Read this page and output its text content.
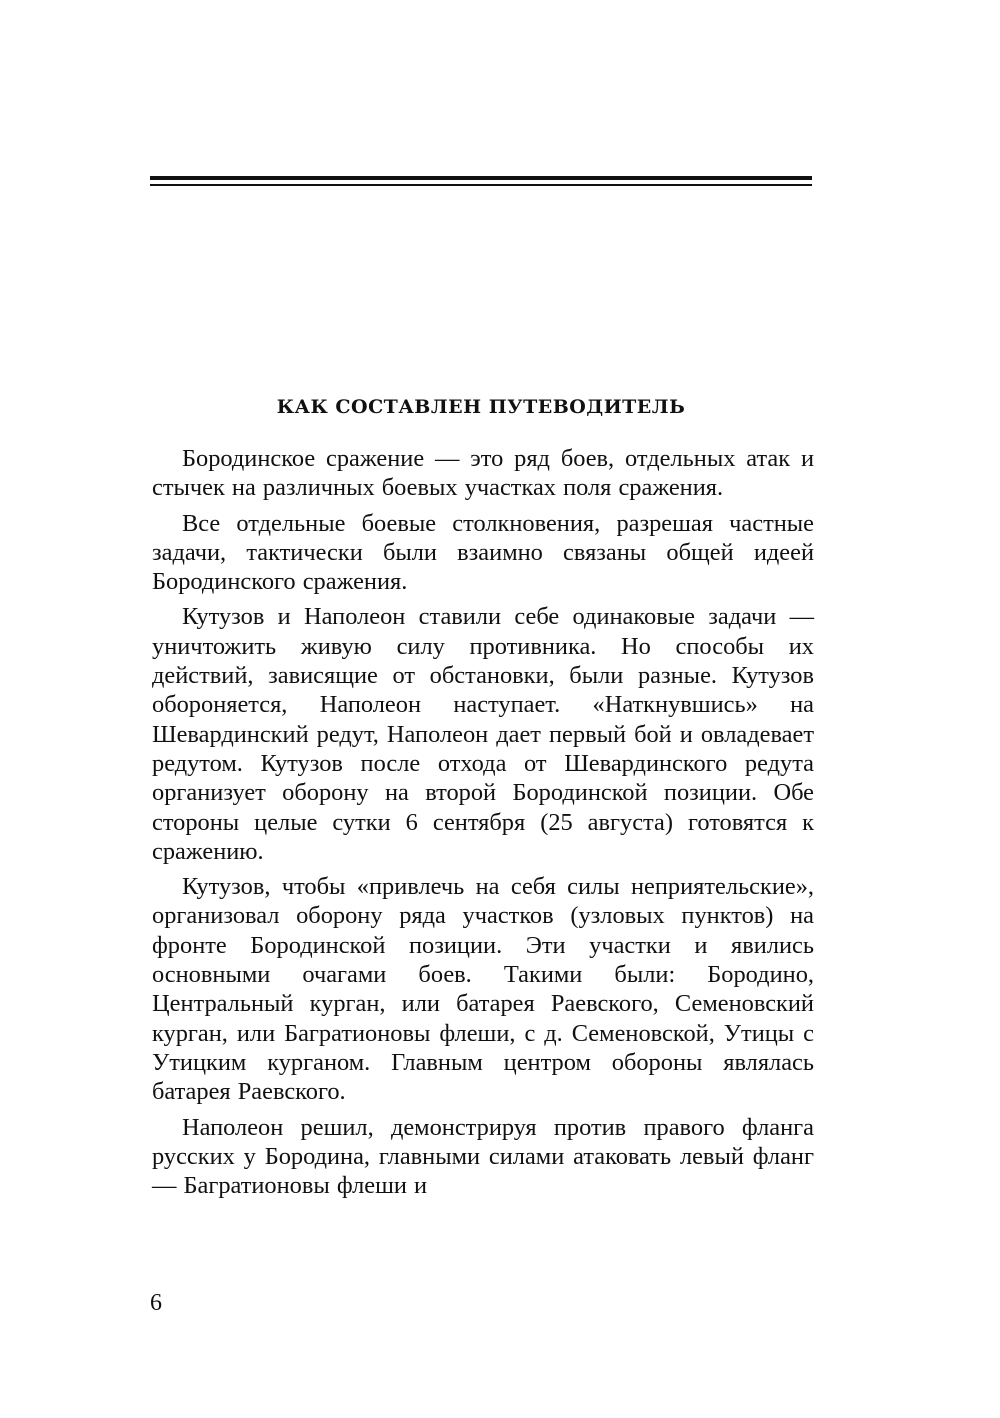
КАК СОСТАВЛЕН ПУТЕВОДИТЕЛЬ

Бородинское сражение — это ряд боев, отдельных атак и стычек на различных боевых участках поля сражения.

Все отдельные боевые столкновения, разрешая частные задачи, тактически были взаимно связаны общей идеей Бородинского сражения.

Кутузов и Наполеон ставили себе одинаковые задачи — уничтожить живую силу противника. Но способы их действий, зависящие от обстановки, были разные. Кутузов обороняется, Наполеон наступает. «Наткнувшись» на Шевардинский редут, Наполеон дает первый бой и овладевает редутом. Кутузов после отхода от Шевардинского редута организует оборону на второй Бородинской позиции. Обе стороны целые сутки 6 сентября (25 августа) готовятся к сражению.

Кутузов, чтобы «привлечь на себя силы неприятельские», организовал оборону ряда участков (узловых пунктов) на фронте Бородинской позиции. Эти участки и явились основными очагами боев. Такими были: Бородино, Центральный курган, или батарея Раевского, Семеновский курган, или Багратионовы флеши, с д. Семеновской, Утицы с Утицким курганом. Главным центром обороны являлась батарея Раевского.

Наполеон решил, демонстрируя против правого фланга русских у Бородина, главными силами атаковать левый фланг — Багратионовы флеши и

6
